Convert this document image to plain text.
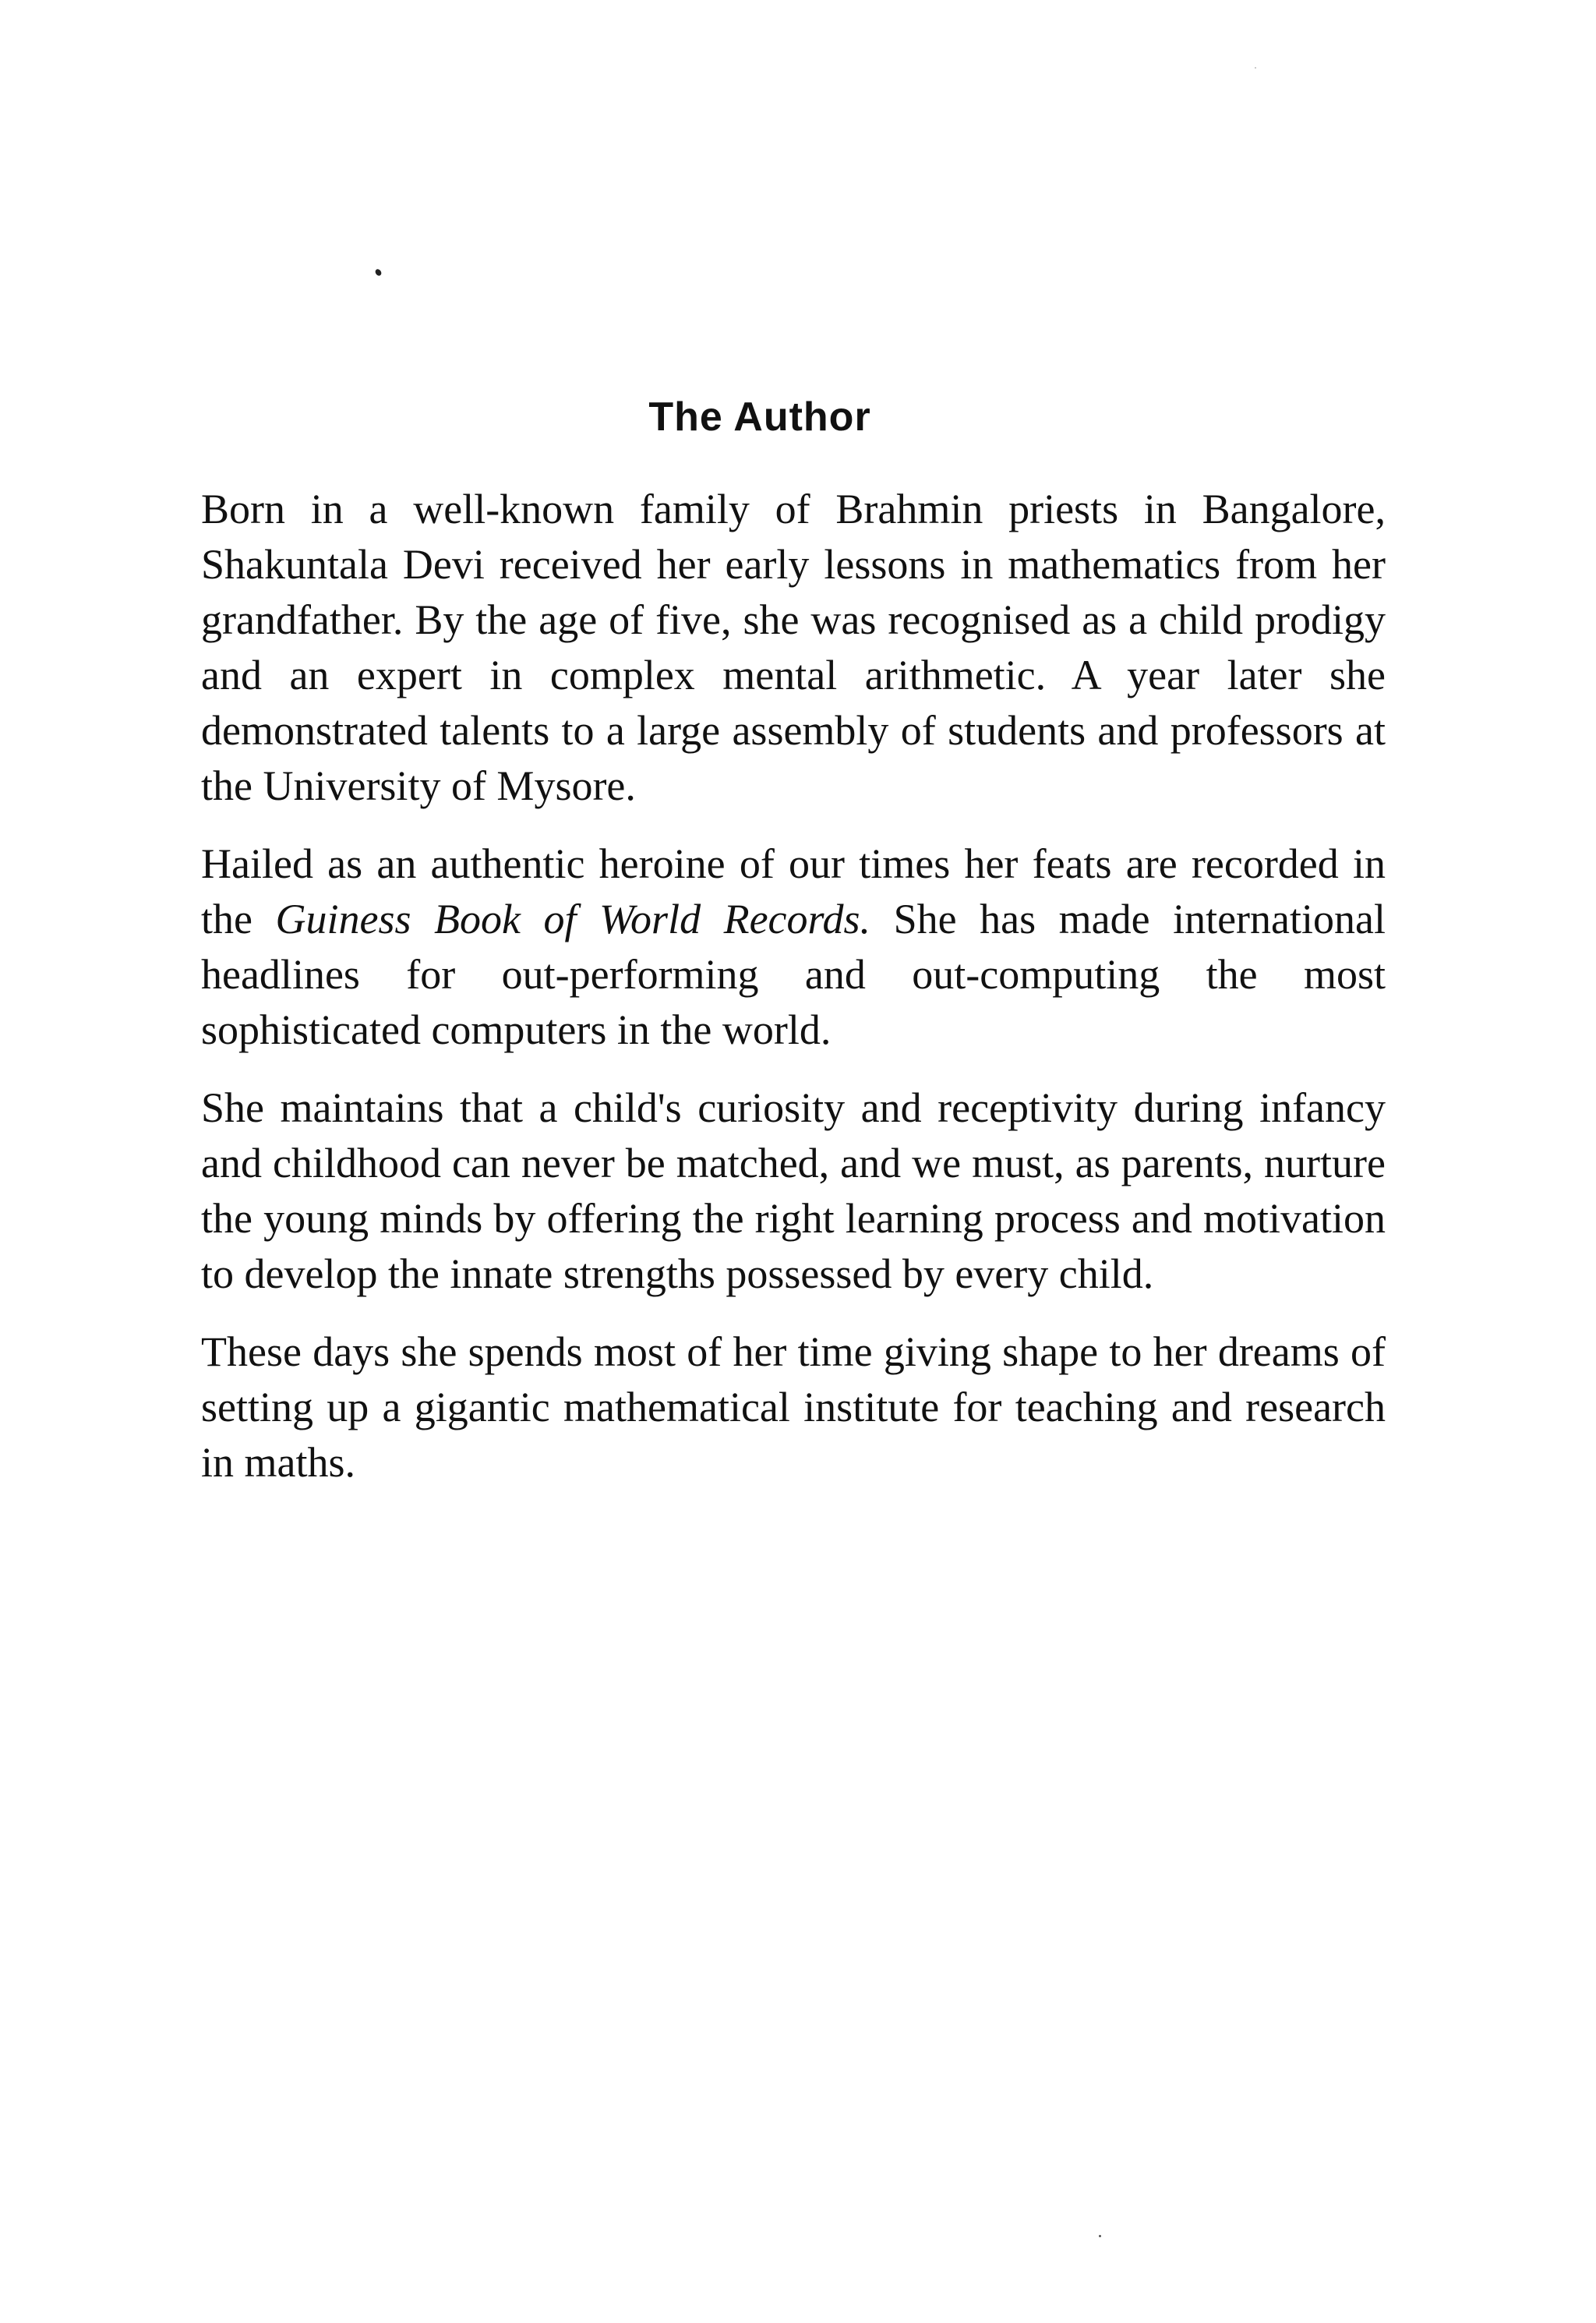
The Author

Born in a well-known family of Brahmin priests in Bangalore, Shakuntala Devi received her early lessons in mathematics from her grandfather. By the age of five, she was recognised as a child prodigy and an expert in complex mental arithmetic. A year later she demonstrated talents to a large assembly of students and professors at the University of Mysore.

Hailed as an authentic heroine of our times her feats are recorded in the Guiness Book of World Records. She has made international headlines for out-performing and out-computing the most sophisticated computers in the world.

She maintains that a child's curiosity and receptivity during infancy and childhood can never be matched, and we must, as parents, nurture the young minds by offering the right learning process and motivation to develop the innate strengths possessed by every child.

These days she spends most of her time giving shape to her dreams of setting up a gigantic mathematical institute for teaching and research in maths.
